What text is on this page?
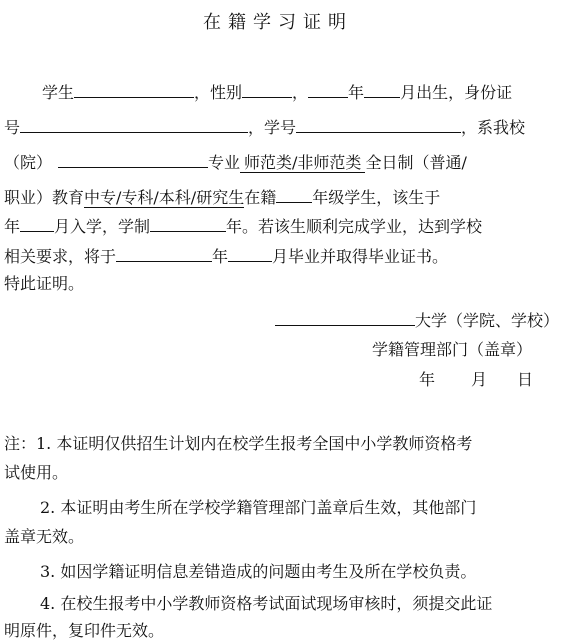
在籍学习证明
学生	，性别	，	年 月出生，身份证
号	，学号	，系我校
（院）	专业 师范类/非师范类 全日制（普通/
职业）教育中专/专科/本科/研究生在籍 年级学生，该生于
年 月入学，学制	年。若该生顺利完成学业，达到学校
相关要求，将于	年	月毕业并取得毕业证书。
特此证明。
大学（学院、学校）
学籍管理部门（盖章）
年 月 日
注：1. 本证明仅供招生计划内在校学生报考全国中小学教师资格考
试使用。
2. 本证明由考生所在学校学籍管理部门盖章后生效，其他部门
盖章无效。
3. 如因学籍证明信息差错造成的问题由考生及所在学校负责。
4. 在校生报考中小学教师资格考试面试现场审核时，须提交此证
明原件，复印件无效。
